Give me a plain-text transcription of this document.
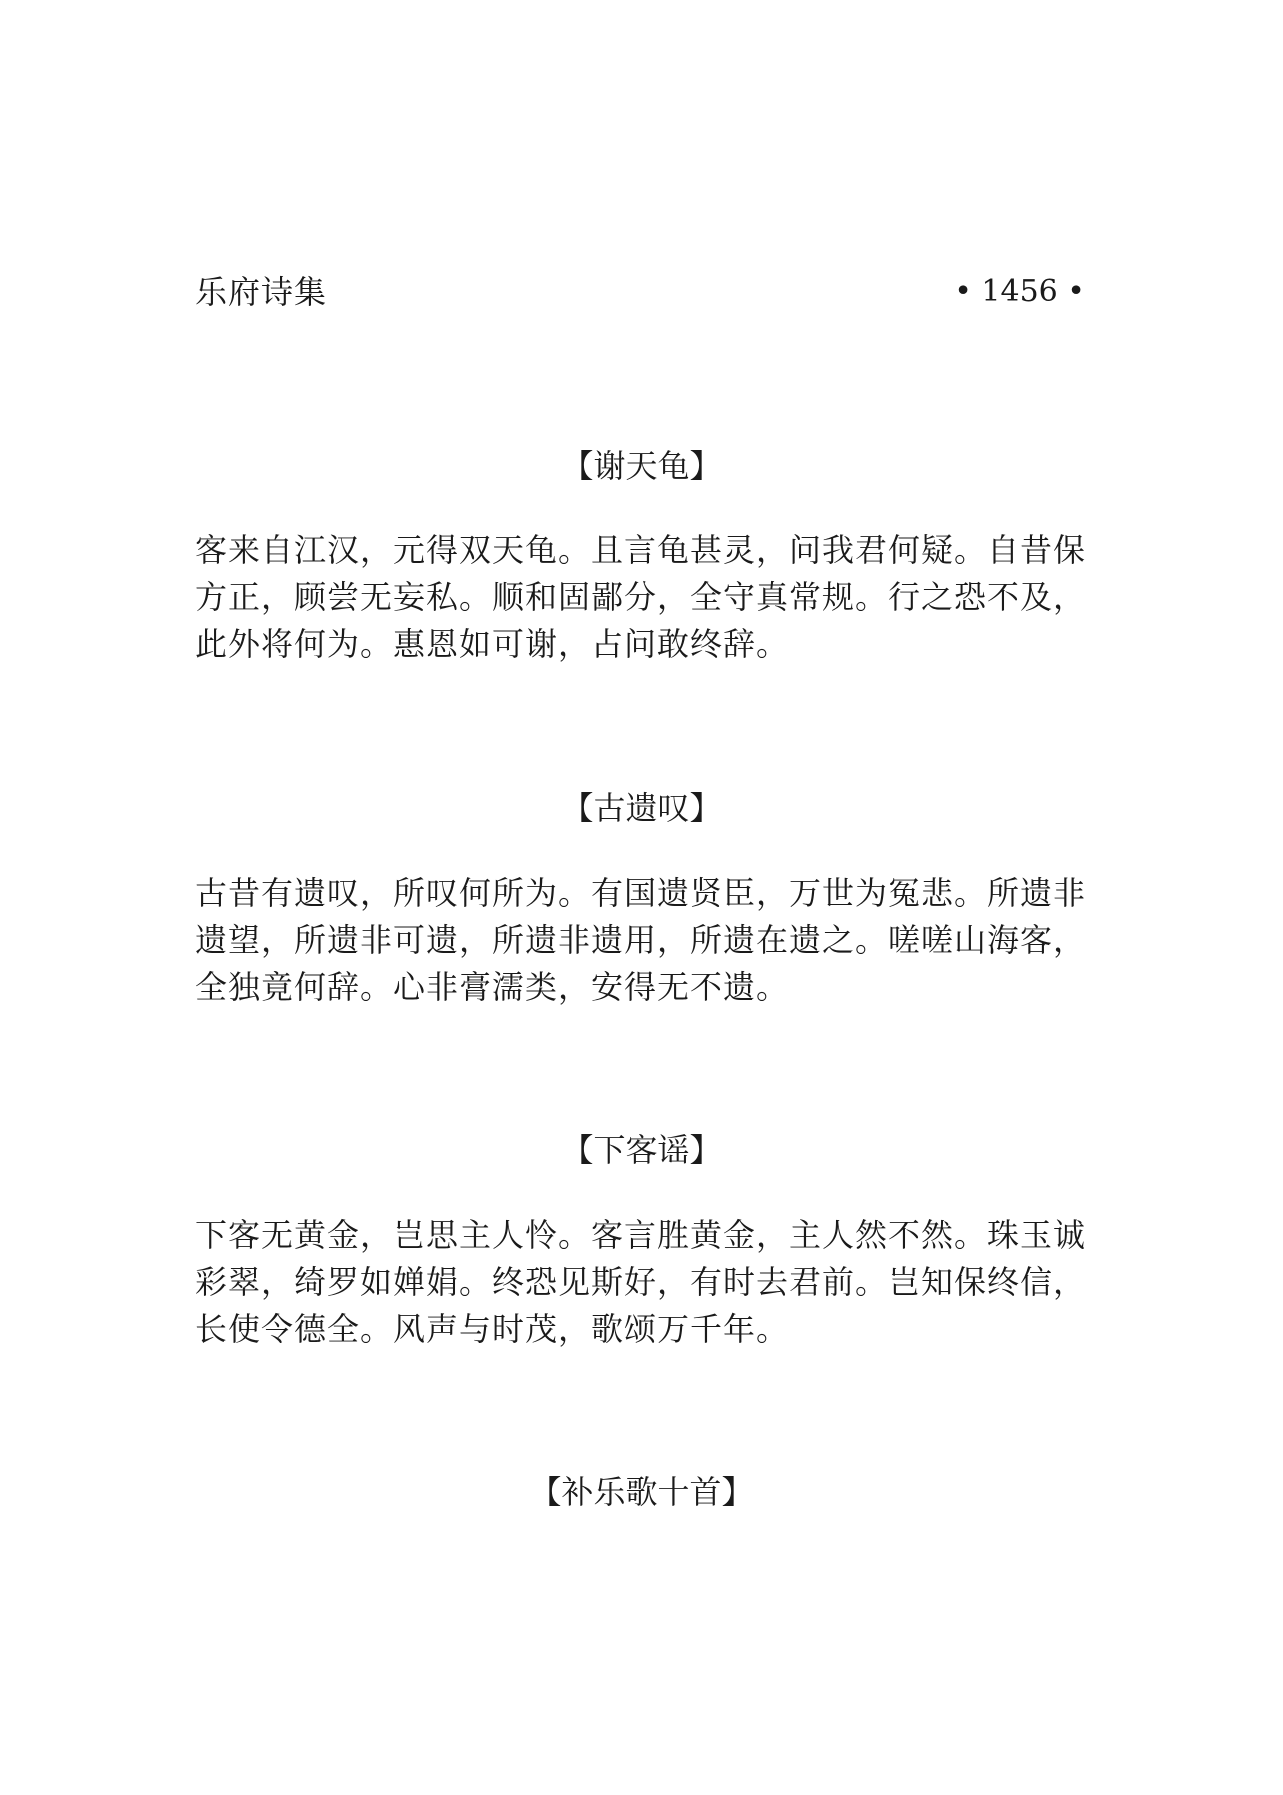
乐府诗集	• 1456 •
【谢天龟】
客来自江汉，元得双天龟。且言龟甚灵，问我君何疑。自昔保
方正，顾尝无妄私。顺和固鄙分，全守真常规。行之恐不及，
此外将何为。惠恩如可谢，占问敢终辞。
【古遗叹】
古昔有遗叹，所叹何所为。有国遗贤臣，万世为冤悲。所遗非
遗望，所遗非可遗，所遗非遗用，所遗在遗之。嗟嗟山海客，
全独竟何辞。心非膏濡类，安得无不遗。
【下客谣】
下客无黄金，岂思主人怜。客言胜黄金，主人然不然。珠玉诚
彩翠，绮罗如婵娟。终恐见斯好，有时去君前。岂知保终信，
长使令德全。风声与时茂，歌颂万千年。
【补乐歌十首】
